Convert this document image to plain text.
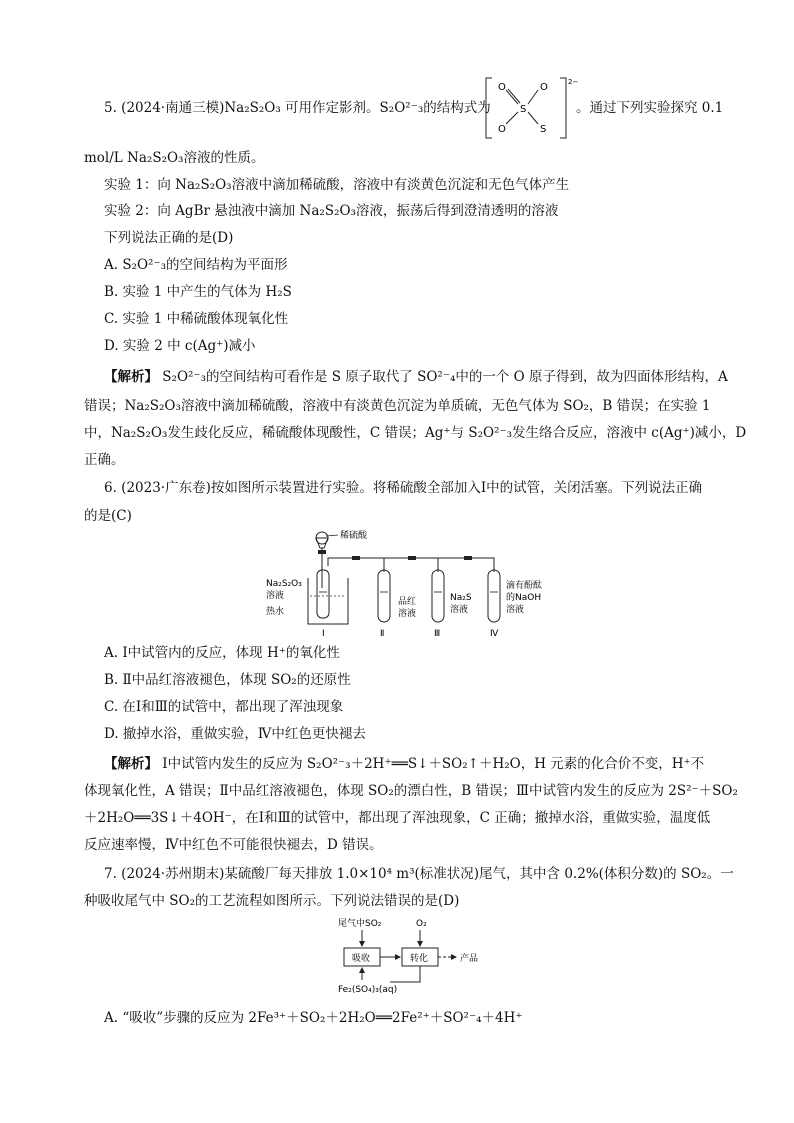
5. (2024·南通三模)Na₂S₂O₃ 可用作定影剂。S₂O²⁻₃的结构式为
O	O
S
O	S
2−
。通过下列实验探究 0.1
mol/L Na₂S₂O₃溶液的性质。
实验 1：向 Na₂S₂O₃溶液中滴加稀硫酸，溶液中有淡黄色沉淀和无色气体产生
实验 2：向 AgBr 悬浊液中滴加 Na₂S₂O₃溶液，振荡后得到澄清透明的溶液
下列说法正确的是(D)
A. S₂O²⁻₃的空间结构为平面形
B. 实验 1 中产生的气体为 H₂S
C. 实验 1 中稀硫酸体现氧化性
D. 实验 2 中 c(Ag⁺)减小
【解析】 S₂O²⁻₃的空间结构可看作是 S 原子取代了 SO²⁻₄中的一个 O 原子得到，故为四面体形结构，A
错误；Na₂S₂O₃溶液中滴加稀硫酸，溶液中有淡黄色沉淀为单质硫，无色气体为 SO₂，B 错误；在实验 1
中，Na₂S₂O₃发生歧化反应，稀硫酸体现酸性，C 错误；Ag⁺与 S₂O²⁻₃发生络合反应，溶液中 c(Ag⁺)减小，D
正确。
6. (2023·广东卷)按如图所示装置进行实验。将稀硫酸全部加入Ⅰ中的试管，关闭活塞。下列说法正确
的是(C)
稀硫酸
Na₂S₂O₃
溶液
热水
Ⅰ
品红
溶液
Na₂S
溶液
滴有酚酞
的NaOH
溶液
Ⅱ	Ⅲ	Ⅳ
A. Ⅰ中试管内的反应，体现 H⁺的氧化性
B. Ⅱ中品红溶液褪色，体现 SO₂的还原性
C. 在Ⅰ和Ⅲ的试管中，都出现了浑浊现象
D. 撤掉水浴，重做实验，Ⅳ中红色更快褪去
【解析】 Ⅰ中试管内发生的反应为 S₂O²⁻₃＋2H⁺══S↓＋SO₂↑＋H₂O，H 元素的化合价不变，H⁺不
体现氧化性，A 错误；Ⅱ中品红溶液褪色，体现 SO₂的漂白性，B 错误；Ⅲ中试管内发生的反应为 2S²⁻＋SO₂
＋2H₂O══3S↓＋4OH⁻，在Ⅰ和Ⅲ的试管中，都出现了浑浊现象，C 正确；撤掉水浴，重做实验，温度低
反应速率慢，Ⅳ中红色不可能很快褪去，D 错误。
7. (2024·苏州期末)某硫酸厂每天排放 1.0×10⁴ m³(标准状况)尾气，其中含 0.2%(体积分数)的 SO₂。一
种吸收尾气中 SO₂的工艺流程如图所示。下列说法错误的是(D)
尾气中SO₂	O₂
吸收	转化	产品
Fe₂(SO₄)₃(aq)
A. “吸收”步骤的反应为 2Fe³⁺＋SO₂＋2H₂O══2Fe²⁺＋SO²⁻₄＋4H⁺
